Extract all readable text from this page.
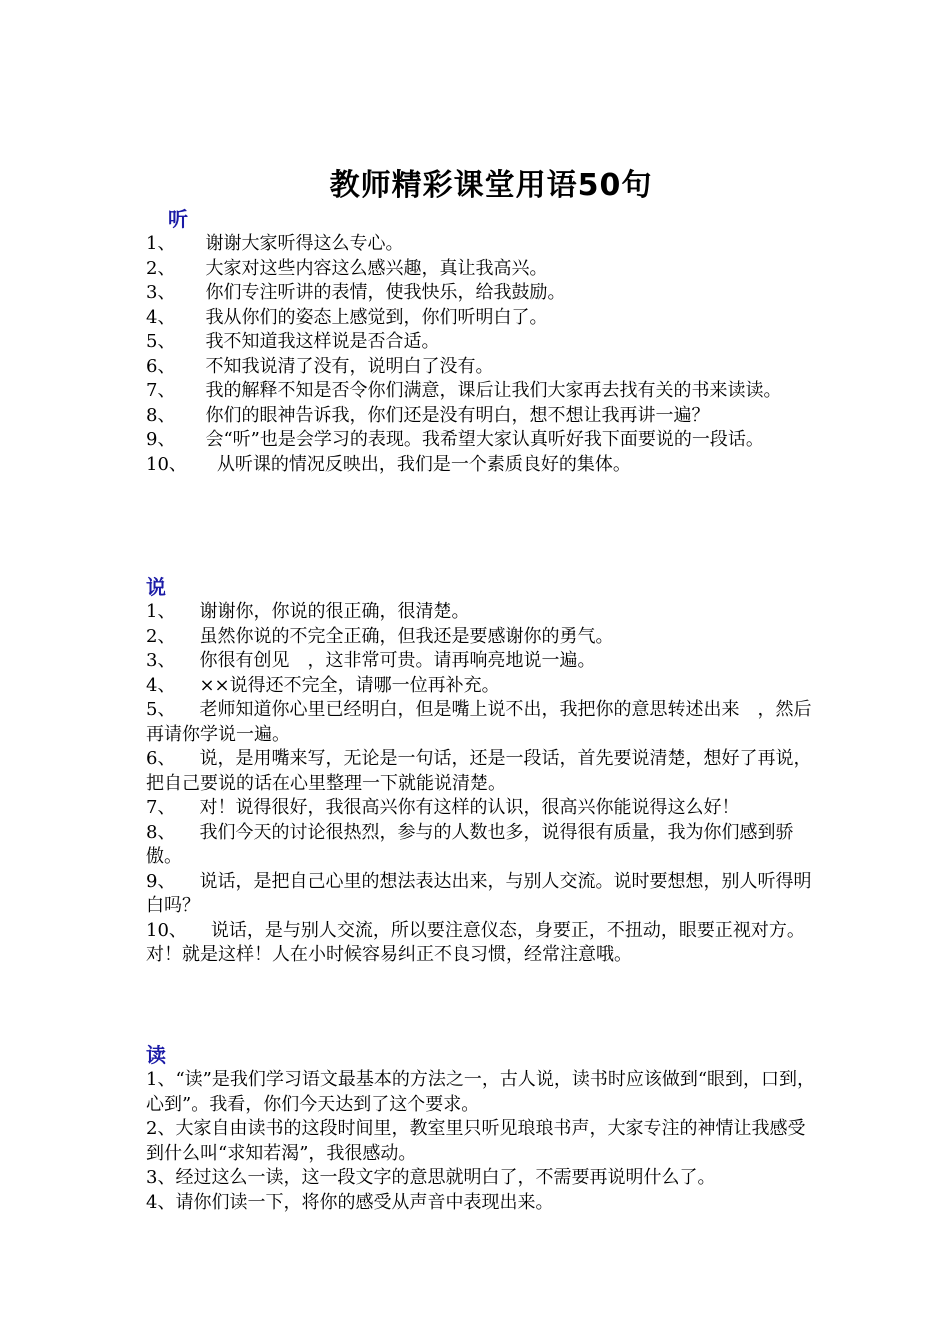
教师精彩课堂用语50句
听

1、 谢谢大家听得这么专心。

2、 大家对这些内容这么感兴趣，真让我高兴。

3、 你们专注听讲的表情，使我快乐，给我鼓励。

4、 我从你们的姿态上感觉到，你们听明白了。

5、 我不知道我这样说是否合适。

6、 不知我说清了没有，说明白了没有。

7、 我的解释不知是否令你们满意，课后让我们大家再去找有关的书来读读。

8、 你们的眼神告诉我，你们还是没有明白，想不想让我再讲一遍？

9、 会“听”也是会学习的表现。我希望大家认真听好我下面要说的一段话。

10、 从听课的情况反映出，我们是一个素质良好的集体。

说

1、 谢谢你，你说的很正确，很清楚。

2、 虽然你说的不完全正确，但我还是要感谢你的勇气。

3、 你很有创见　，这非常可贵。请再响亮地说一遍。

4、 ××说得还不完全，请哪一位再补充。

5、 老师知道你心里已经明白，但是嘴上说不出，我把你的意思转述出来　，然后再请你学说一遍。

6、 说，是用嘴来写，无论是一句话，还是一段话，首先要说清楚，想好了再说，把自己要说的话在心里整理一下就能说清楚。

7、 对！说得很好，我很高兴你有这样的认识，很高兴你能说得这么好！

8、 我们今天的讨论很热烈，参与的人数也多，说得很有质量，我为你们感到骄傲。

9、 说话，是把自己心里的想法表达出来，与别人交流。说时要想想，别人听得明白吗？

10、 说话，是与别人交流，所以要注意仪态，身要正，不扭动，眼要正视对方。对！就是这样！人在小时候容易纠正不良习惯，经常注意哦。

读

1、“读”是我们学习语文最基本的方法之一，古人说，读书时应该做到“眼到，口到，心到”。我看，你们今天达到了这个要求。

2、大家自由读书的这段时间里，教室里只听见琅琅书声，大家专注的神情让我感受到什么叫“求知若渴”，我很感动。

3、经过这么一读，这一段文字的意思就明白了，不需要再说明什么了。

4、请你们读一下，将你的感受从声音中表现出来。
